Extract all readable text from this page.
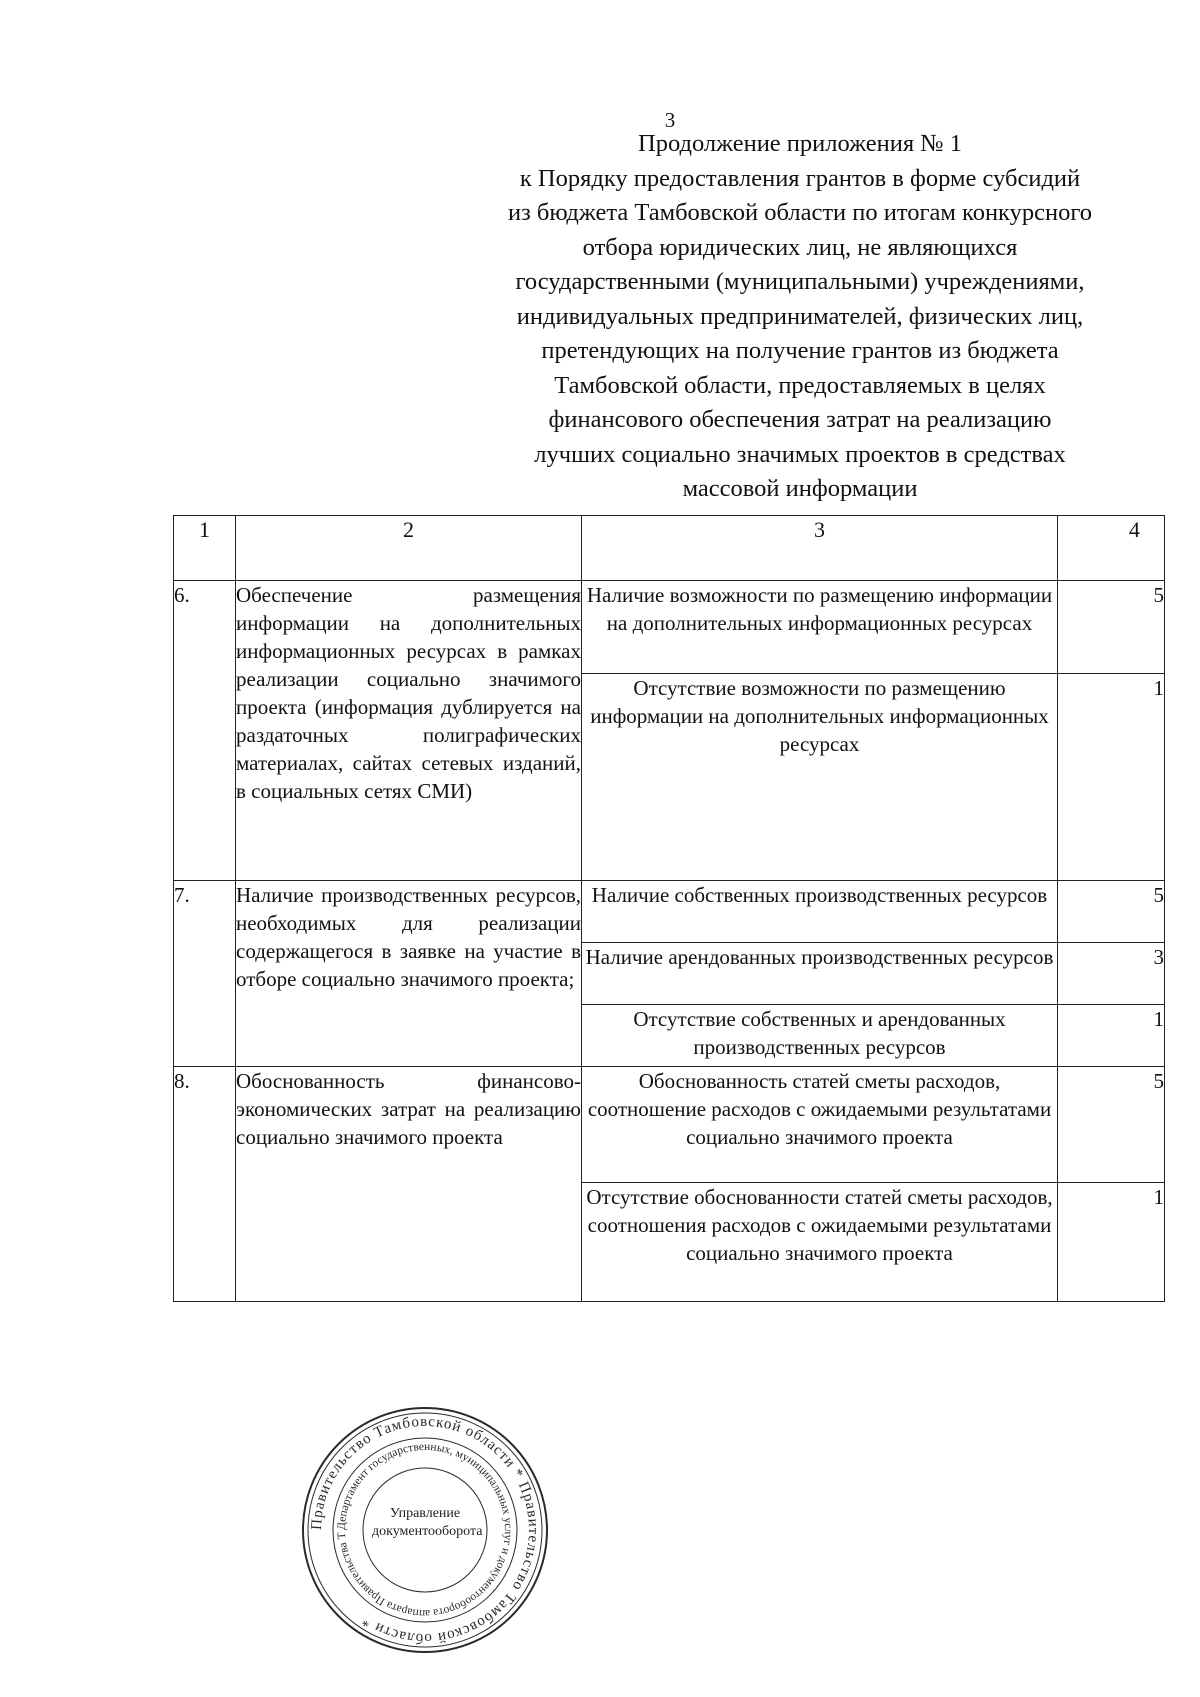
3
Продолжение приложения № 1
к Порядку предоставления грантов в форме субсидий
из бюджета Тамбовской области по итогам конкурсного
отбора юридических лиц, не являющихся
государственными (муниципальными) учреждениями,
индивидуальных предпринимателей, физических лиц,
претендующих на получение грантов из бюджета
Тамбовской области, предоставляемых в целях
финансового обеспечения затрат на реализацию
лучших социально значимых проектов в средствах
массовой информации
1	2	3	4
6.	Обеспечение размещения информации на дополнительных информационных ресурсах в рамках реализации социально значимого проекта (информация дублируется на раздаточных полиграфических материалах, сайтах сетевых изданий, в социальных сетях СМИ)	Наличие возможности по размещению информации на дополнительных информационных ресурсах	5
		Отсутствие возможности по размещению информации на дополнительных информационных ресурсах	1
7.	Наличие производственных ресурсов, необходимых для реализации содержащегося в заявке на участие в отборе социально значимого проекта;	Наличие собственных производственных ресурсов	5
		Наличие арендованных производственных ресурсов	3
		Отсутствие собственных и арендованных производственных ресурсов	1
8.	Обоснованность финансово-экономических затрат на реализацию социально значимого проекта	Обоснованность статей сметы расходов, соотношение расходов с ожидаемыми результатами социально значимого проекта	5
		Отсутствие обоснованности статей сметы расходов, соотношения расходов с ожидаемыми результатами социально значимого проекта	1
Правительство Тамбовской области * Правительство Тамбовской области *
Департамент государственных, муниципальных услуг и документооборота аппарата Правительства Т
Управление
документооборота
